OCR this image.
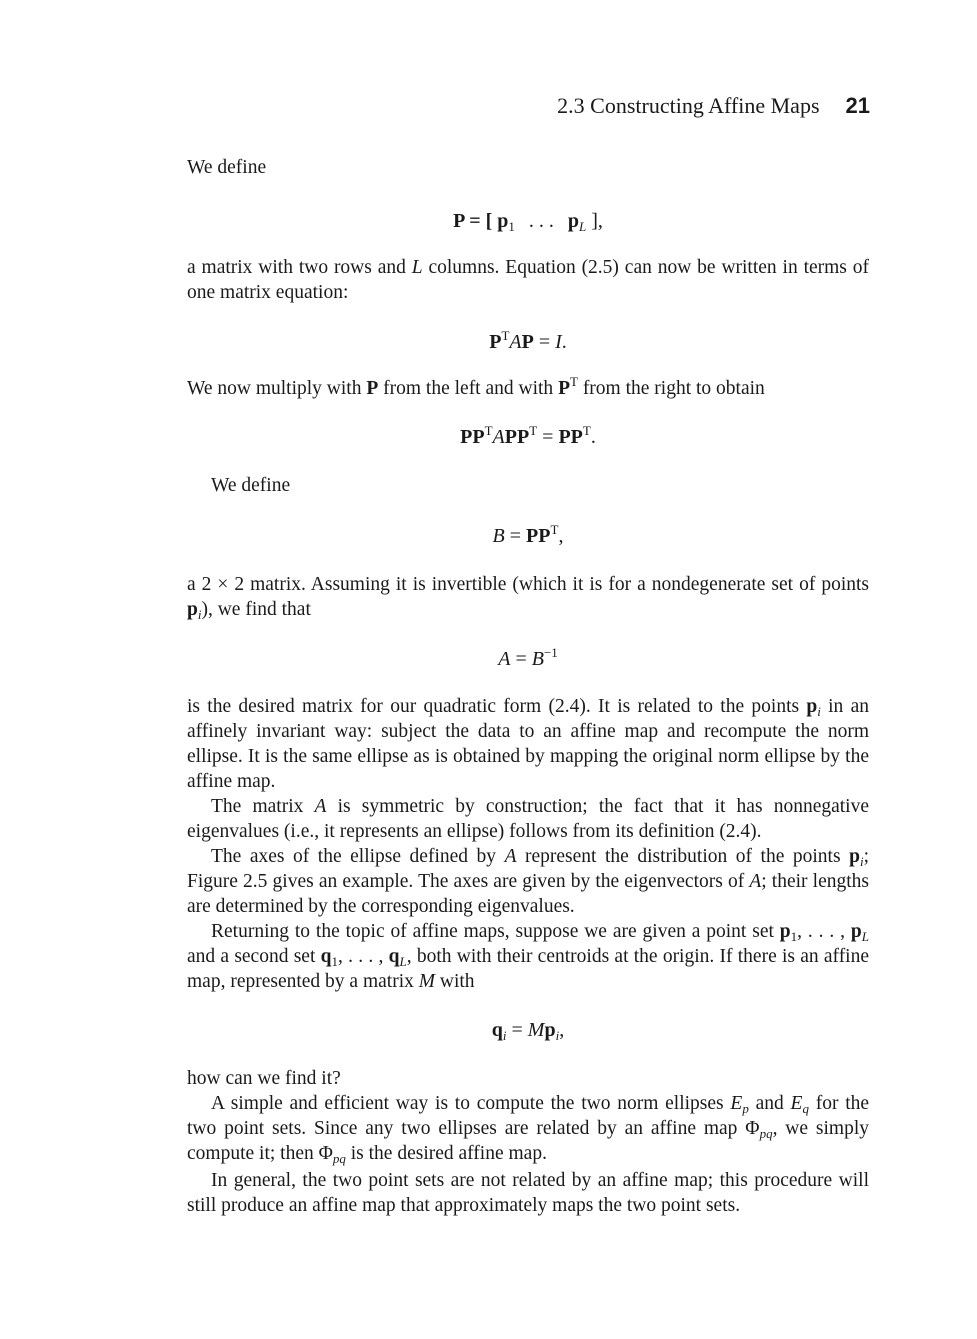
2.3 Constructing Affine Maps 21
We define
P = [ $p_1$ . . . $p_L$ ],
a matrix with two rows and L columns. Equation (2.5) can now be written in terms of one matrix equation:
$P^TAP = I$.
We now multiply with P from the left and with $P^T$ from the right to obtain
$PP^TAPP^T = PP^T$.
We define
$B = PP^T$,
a 2 × 2 matrix. Assuming it is invertible (which it is for a nondegenerate set of points $p_i$), we find that
$A = B^{-1}$
is the desired matrix for our quadratic form (2.4). It is related to the points $p_i$ in an affinely invariant way: subject the data to an affine map and recompute the norm ellipse. It is the same ellipse as is obtained by mapping the original norm ellipse by the affine map.
The matrix A is symmetric by construction; the fact that it has nonnegative eigenvalues (i.e., it represents an ellipse) follows from its definition (2.4).
The axes of the ellipse defined by A represent the distribution of the points $p_i$; Figure 2.5 gives an example. The axes are given by the eigenvectors of A; their lengths are determined by the corresponding eigenvalues.
Returning to the topic of affine maps, suppose we are given a point set $p_1$, . . . , $p_L$ and a second set $q_1$, . . . , $q_L$, both with their centroids at the origin. If there is an affine map, represented by a matrix M with
$q_i = Mp_i$,
how can we find it?
A simple and efficient way is to compute the two norm ellipses $E_p$ and $E_q$ for the two point sets. Since any two ellipses are related by an affine map $\Phi_{pq}$, we simply compute it; then $\Phi_{pq}$ is the desired affine map.
In general, the two point sets are not related by an affine map; this procedure will still produce an affine map that approximately maps the two point sets.
